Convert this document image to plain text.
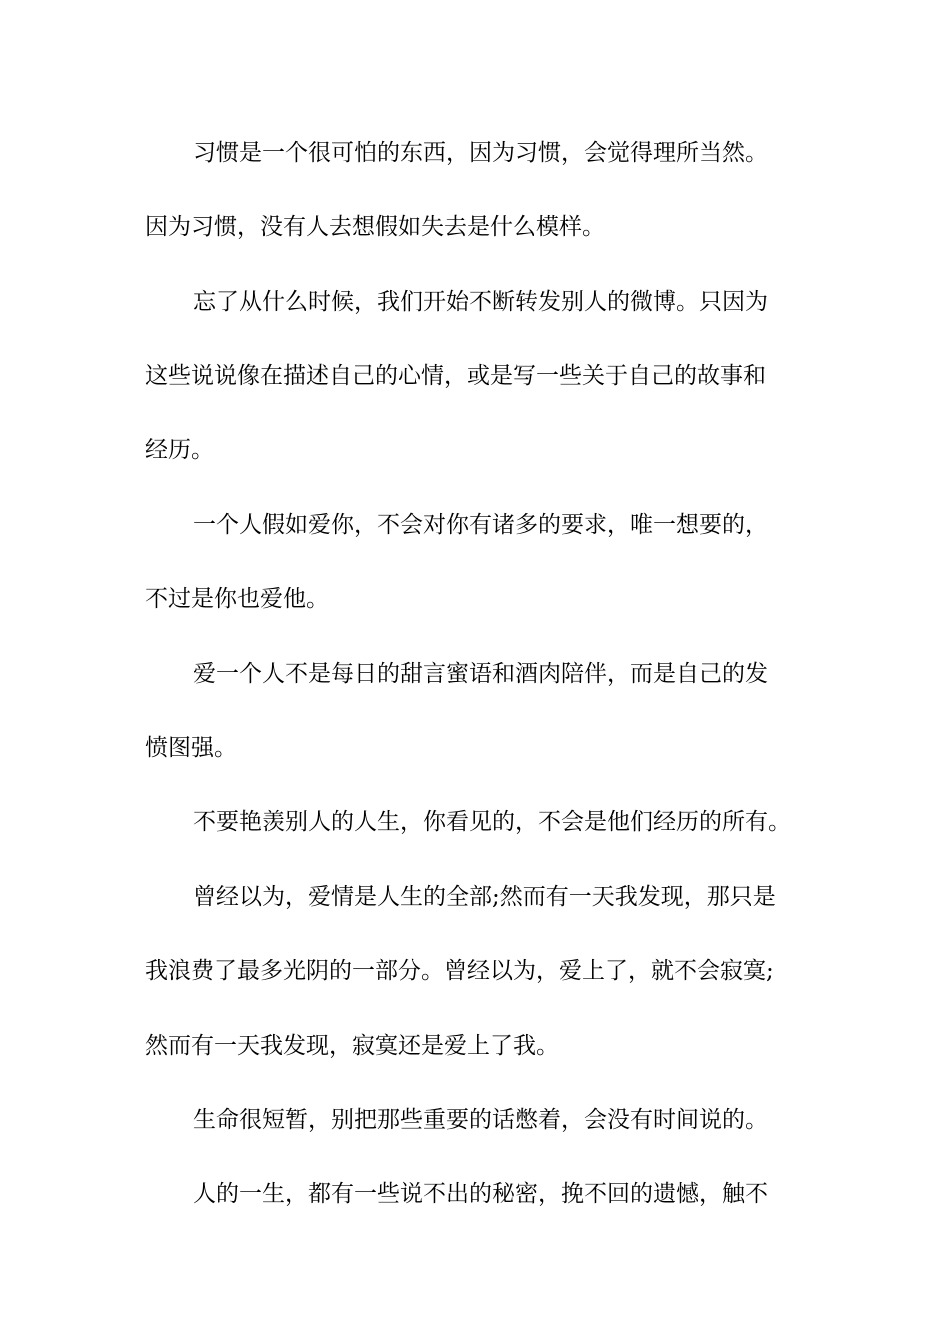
习惯是一个很可怕的东西，因为习惯，会觉得理所当然。
因为习惯，没有人去想假如失去是什么模样。
忘了从什么时候，我们开始不断转发别人的微博。只因为
这些说说像在描述自己的心情，或是写一些关于自己的故事和
经历。
一个人假如爱你，不会对你有诸多的要求，唯一想要的，
不过是你也爱他。
爱一个人不是每日的甜言蜜语和酒肉陪伴，而是自己的发
愤图强。
不要艳羡别人的人生，你看见的，不会是他们经历的所有。
曾经以为，爱情是人生的全部;然而有一天我发现，那只是
我浪费了最多光阴的一部分。曾经以为，爱上了，就不会寂寞;
然而有一天我发现，寂寞还是爱上了我。
生命很短暂，别把那些重要的话憋着，会没有时间说的。
人的一生，都有一些说不出的秘密，挽不回的遗憾，触不
